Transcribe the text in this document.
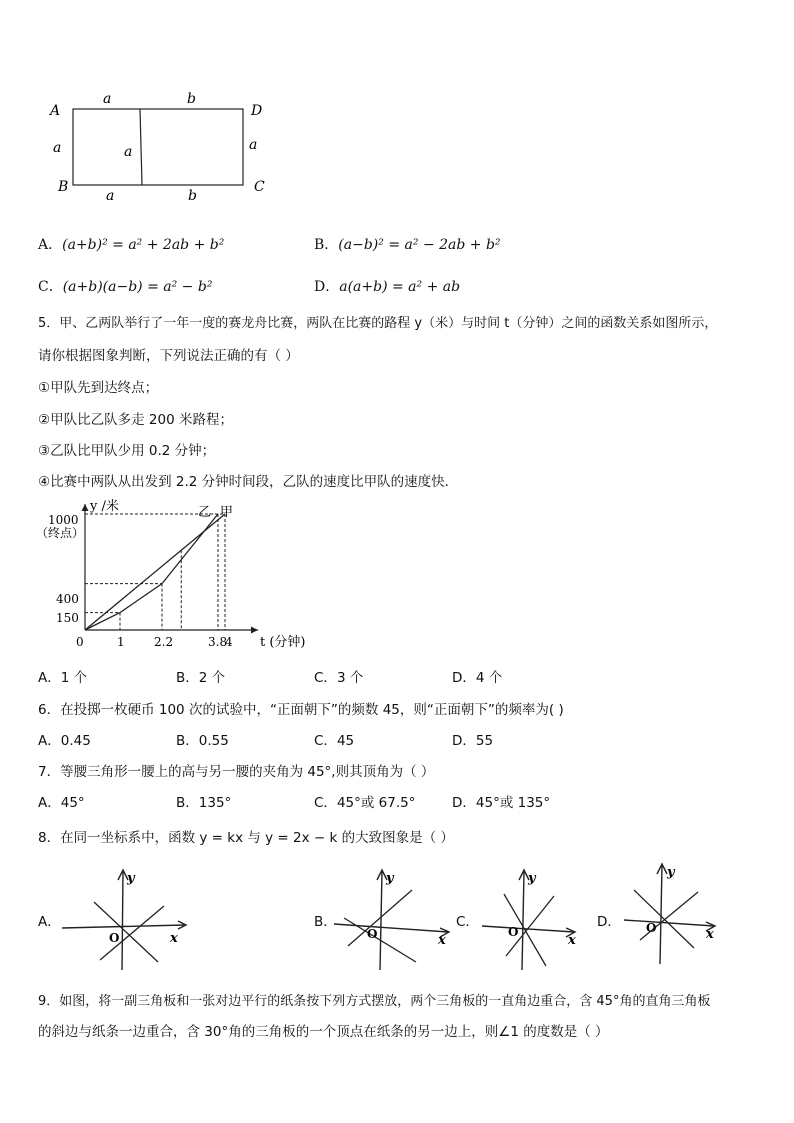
A
B	C
D
a	b
a	a	a
a	b
A．(a+b)² = a² + 2ab + b²	B．(a−b)² = a² − 2ab + b²
C．(a+b)(a−b) = a² − b²	D．a(a+b) = a² + ab
5．甲、乙两队举行了一年一度的赛龙舟比赛，两队在比赛的路程 y（米）与时间 t（分钟）之间的函数关系如图所示，
请你根据图象判断，下列说法正确的有（ ）
①甲队先到达终点；
②甲队比乙队多走 200 米路程；
③乙队比甲队少用 0.2 分钟；
④比赛中两队从出发到 2.2 分钟时间段，乙队的速度比甲队的速度快．
y /米
t (分钟)
1000
（终点）
400
150
0	1 2.2	3.8
4
乙 甲
A．1 个	B．2 个	C．3 个	D．4 个
6．在投掷一枚硬币 100 次的试验中，“正面朝下”的频数 45，则“正面朝下”的频率为( )
A．0.45	B．0.55	C．45	D．55
7．等腰三角形一腰上的高与另一腰的夹角为 45°,则其顶角为（ ）
A．45°	B．135°	C．45°或 67.5°	D．45°或 135°
8．在同一坐标系中，函数 y = kx 与 y = 2x − k 的大致图象是（ ）
A．
y
x
O
B．
y
x
O
C．
y
x
O
D．
y
x
O
9．如图，将一副三角板和一张对边平行的纸条按下列方式摆放，两个三角板的一直角边重合，含 45°角的直角三角板
的斜边与纸条一边重合，含 30°角的三角板的一个顶点在纸条的另一边上，则∠1 的度数是（ ）
